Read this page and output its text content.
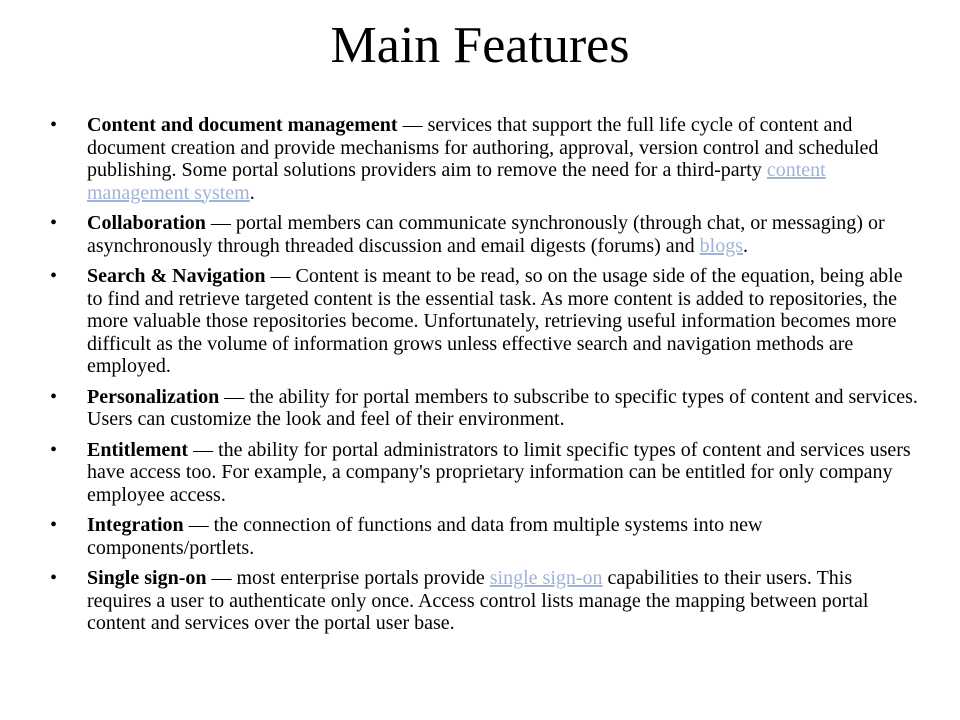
Main Features
•	Content and document management — services that support the full life cycle of content and document creation and provide mechanisms for authoring, approval, version control and scheduled publishing. Some portal solutions providers aim to remove the need for a third-party content management system.
•	Collaboration — portal members can communicate synchronously (through chat, or messaging) or asynchronously through threaded discussion and email digests (forums) and blogs.
•	Search & Navigation — Content is meant to be read, so on the usage side of the equation, being able to find and retrieve targeted content is the essential task. As more content is added to repositories, the more valuable those repositories become. Unfortunately, retrieving useful information becomes more difficult as the volume of information grows unless effective search and navigation methods are employed.
•	Personalization — the ability for portal members to subscribe to specific types of content and services. Users can customize the look and feel of their environment.
•	Entitlement — the ability for portal administrators to limit specific types of content and services users have access too. For example, a company's proprietary information can be entitled for only company employee access.
•	Integration — the connection of functions and data from multiple systems into new components/portlets.
•	Single sign-on — most enterprise portals provide single sign-on capabilities to their users. This requires a user to authenticate only once. Access control lists manage the mapping between portal content and services over the portal user base.
